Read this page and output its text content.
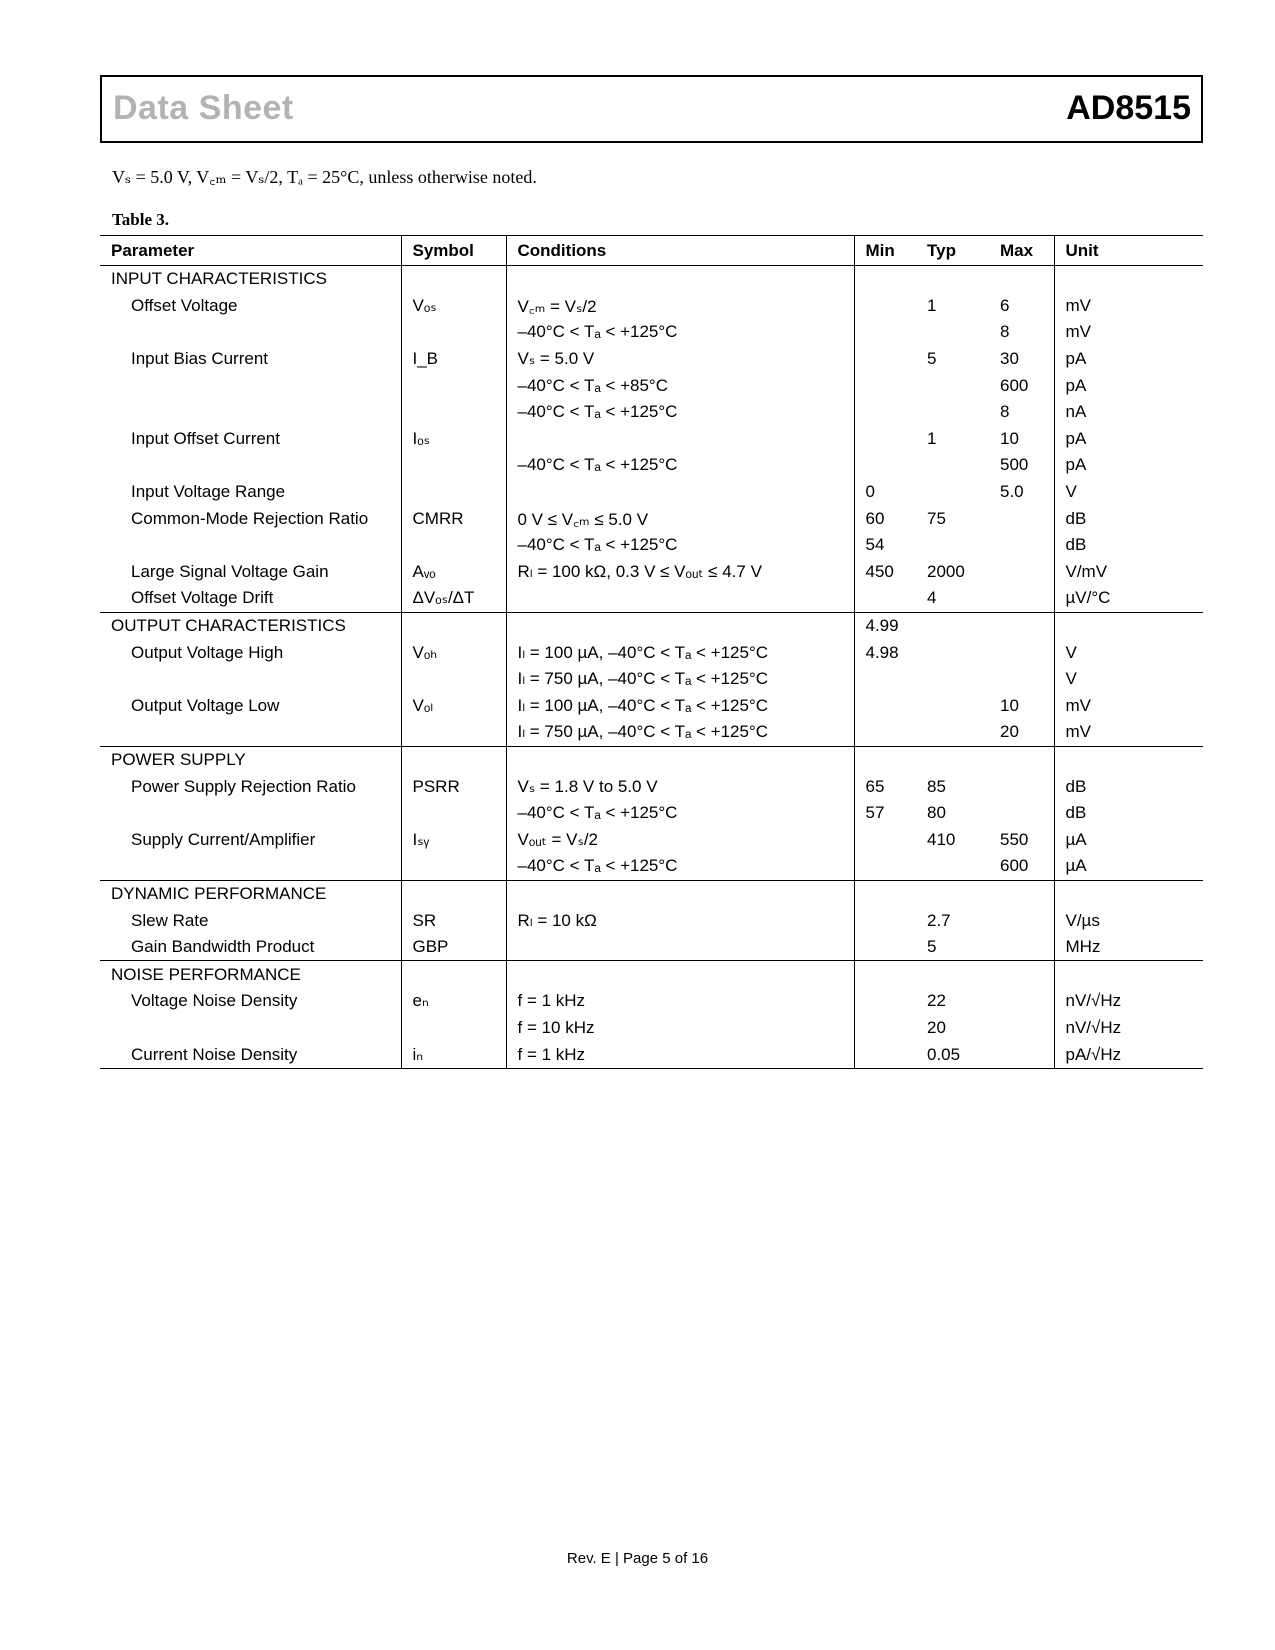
Data Sheet	AD8515
Vₛ = 5.0 V, V꜀ₘ = Vₛ/2, Tₐ = 25°C, unless otherwise noted.
Table 3.
Parameter	Symbol	Conditions	Min	Typ	Max	Unit
INPUT CHARACTERISTICS						
Offset Voltage	Vₒₛ	V꜀ₘ = Vₛ/2		1	6	mV
		–40°C < Tₐ < +125°C			8	mV
Input Bias Current	I_B	Vₛ = 5.0 V		5	30	pA
		–40°C < Tₐ < +85°C			600	pA
		–40°C < Tₐ < +125°C			8	nA
Input Offset Current	Iₒₛ			1	10	pA
		–40°C < Tₐ < +125°C			500	pA
Input Voltage Range			0		5.0	V
Common-Mode Rejection Ratio	CMRR	0 V ≤ V꜀ₘ ≤ 5.0 V	60	75		dB
		–40°C < Tₐ < +125°C	54			dB
Large Signal Voltage Gain	Aᵥₒ	Rₗ = 100 kΩ, 0.3 V ≤ Vₒᵤₜ ≤ 4.7 V	450	2000		V/mV
Offset Voltage Drift	ΔVₒₛ/ΔT			4		µV/°C
OUTPUT CHARACTERISTICS			4.99			
Output Voltage High	Vₒₕ	Iₗ = 100 µA, –40°C < Tₐ < +125°C	4.98			V
		Iₗ = 750 µA, –40°C < Tₐ < +125°C				V
Output Voltage Low	Vₒₗ	Iₗ = 100 µA, –40°C < Tₐ < +125°C			10	mV
		Iₗ = 750 µA, –40°C < Tₐ < +125°C			20	mV
POWER SUPPLY						
Power Supply Rejection Ratio	PSRR	Vₛ = 1.8 V to 5.0 V	65	85		dB
		–40°C < Tₐ < +125°C	57	80		dB
Supply Current/Amplifier	Iₛᵧ	Vₒᵤₜ = Vₛ/2		410	550	µA
		–40°C < Tₐ < +125°C			600	µA
DYNAMIC PERFORMANCE						
Slew Rate	SR	Rₗ = 10 kΩ		2.7		V/µs
Gain Bandwidth Product	GBP			5		MHz
NOISE PERFORMANCE						
Voltage Noise Density	eₙ	f = 1 kHz		22		nV/√Hz
		f = 10 kHz		20		nV/√Hz
Current Noise Density	iₙ	f = 1 kHz		0.05		pA/√Hz
Rev. E | Page 5 of 16
